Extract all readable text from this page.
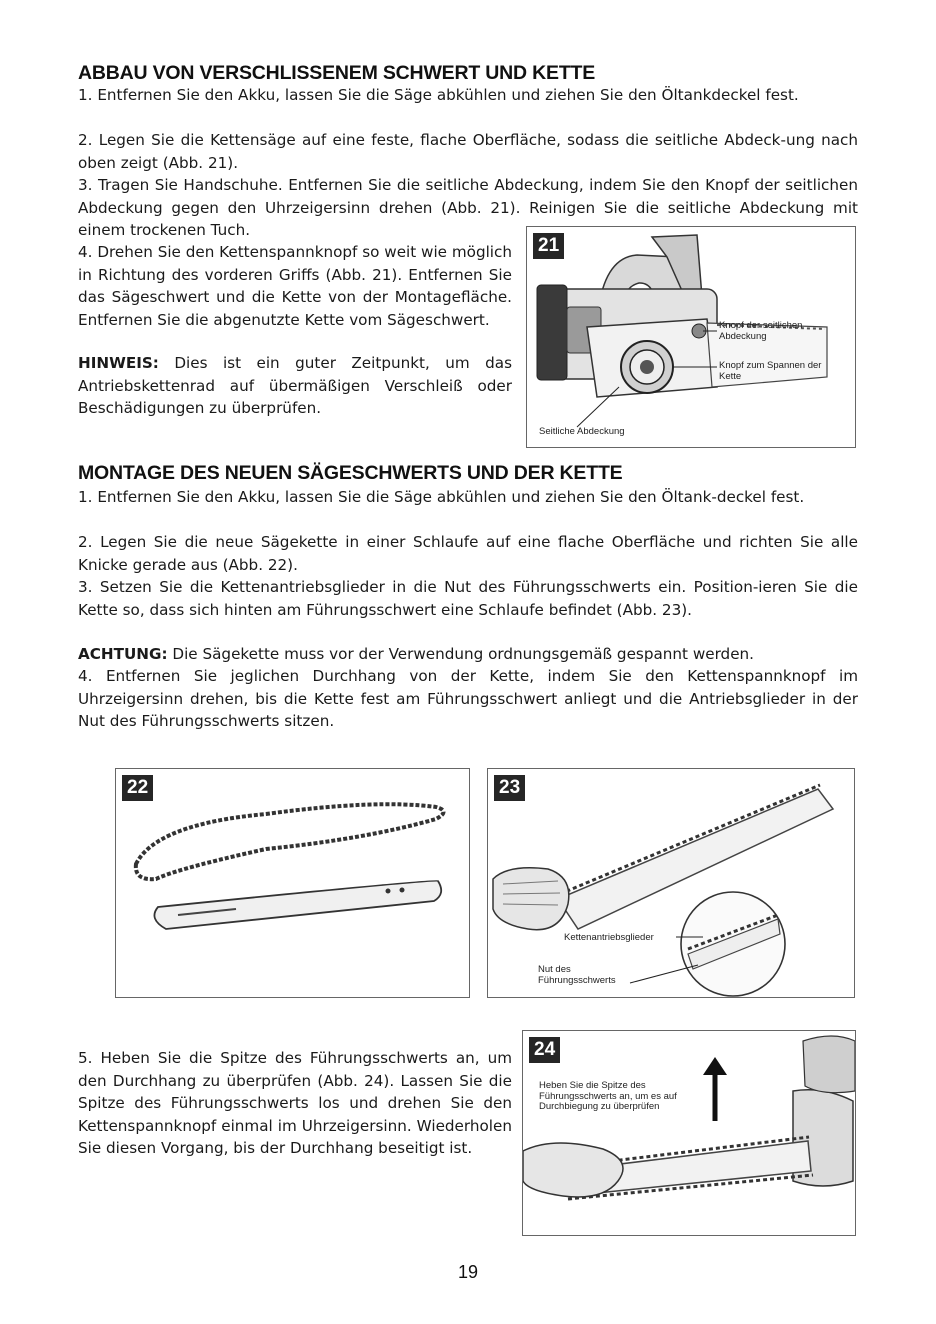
ABBAU VON VERSCHLISSENEM SCHWERT UND KETTE

1. Entfernen Sie den Akku, lassen Sie die Säge abkühlen und ziehen Sie den Öltankdeckel fest.

2. Legen Sie die Kettensäge auf eine feste, flache Oberfläche, sodass die seitliche Abdeck-ung nach oben zeigt (Abb. 21).

3. Tragen Sie Handschuhe. Entfernen Sie die seitliche Abdeckung, indem Sie den Knopf der seitlichen Abdeckung gegen den Uhrzeigersinn drehen (Abb. 21). Reinigen Sie die seitliche Abdeckung mit einem trockenen Tuch.

4. Drehen Sie den Kettenspannknopf so weit wie möglich in Richtung des vorderen Griffs (Abb. 21). Entfernen Sie das Sägeschwert und die Kette von der Montagefläche. Entfernen Sie die abgenutzte Kette vom Sägeschwert.

HINWEIS: Dies ist ein guter Zeitpunkt, um das Antriebskettenrad auf übermäßigen Verschleiß oder Beschädigungen zu überprüfen.

21
Knopf der seitlichen Abdeckung
Knopf zum Spannen der Kette
Seitliche Abdeckung
MONTAGE DES NEUEN SÄGESCHWERTS UND DER KETTE

1. Entfernen Sie den Akku, lassen Sie die Säge abkühlen und ziehen Sie den Öltank-deckel fest.

2. Legen Sie die neue Sägekette in einer Schlaufe auf eine flache Oberfläche und richten Sie alle Knicke gerade aus (Abb. 22).

3. Setzen Sie die Kettenantriebsglieder in die Nut des Führungsschwerts ein. Position-ieren Sie die Kette so, dass sich hinten am Führungsschwert eine Schlaufe befindet (Abb. 23).

ACHTUNG: Die Sägekette muss vor der Verwendung ordnungsgemäß gespannt werden.

4. Entfernen Sie jeglichen Durchhang von der Kette, indem Sie den Kettenspannknopf im Uhrzeigersinn drehen, bis die Kette fest am Führungsschwert anliegt und die Antriebsglieder in der Nut des Führungsschwerts sitzen.

22	23
Kettenantriebsglieder
Nut des Führungsschwerts

5. Heben Sie die Spitze des Führungsschwerts an, um den Durchhang zu überprüfen (Abb. 24). Lassen Sie die Spitze des Führungsschwerts los und drehen Sie den Kettenspannknopf einmal im Uhrzeigersinn. Wiederholen Sie diesen Vorgang, bis der Durchhang beseitigt ist.

24
Heben Sie die Spitze des Führungsschwerts an, um es auf Durchbiegung zu überprüfen
19
